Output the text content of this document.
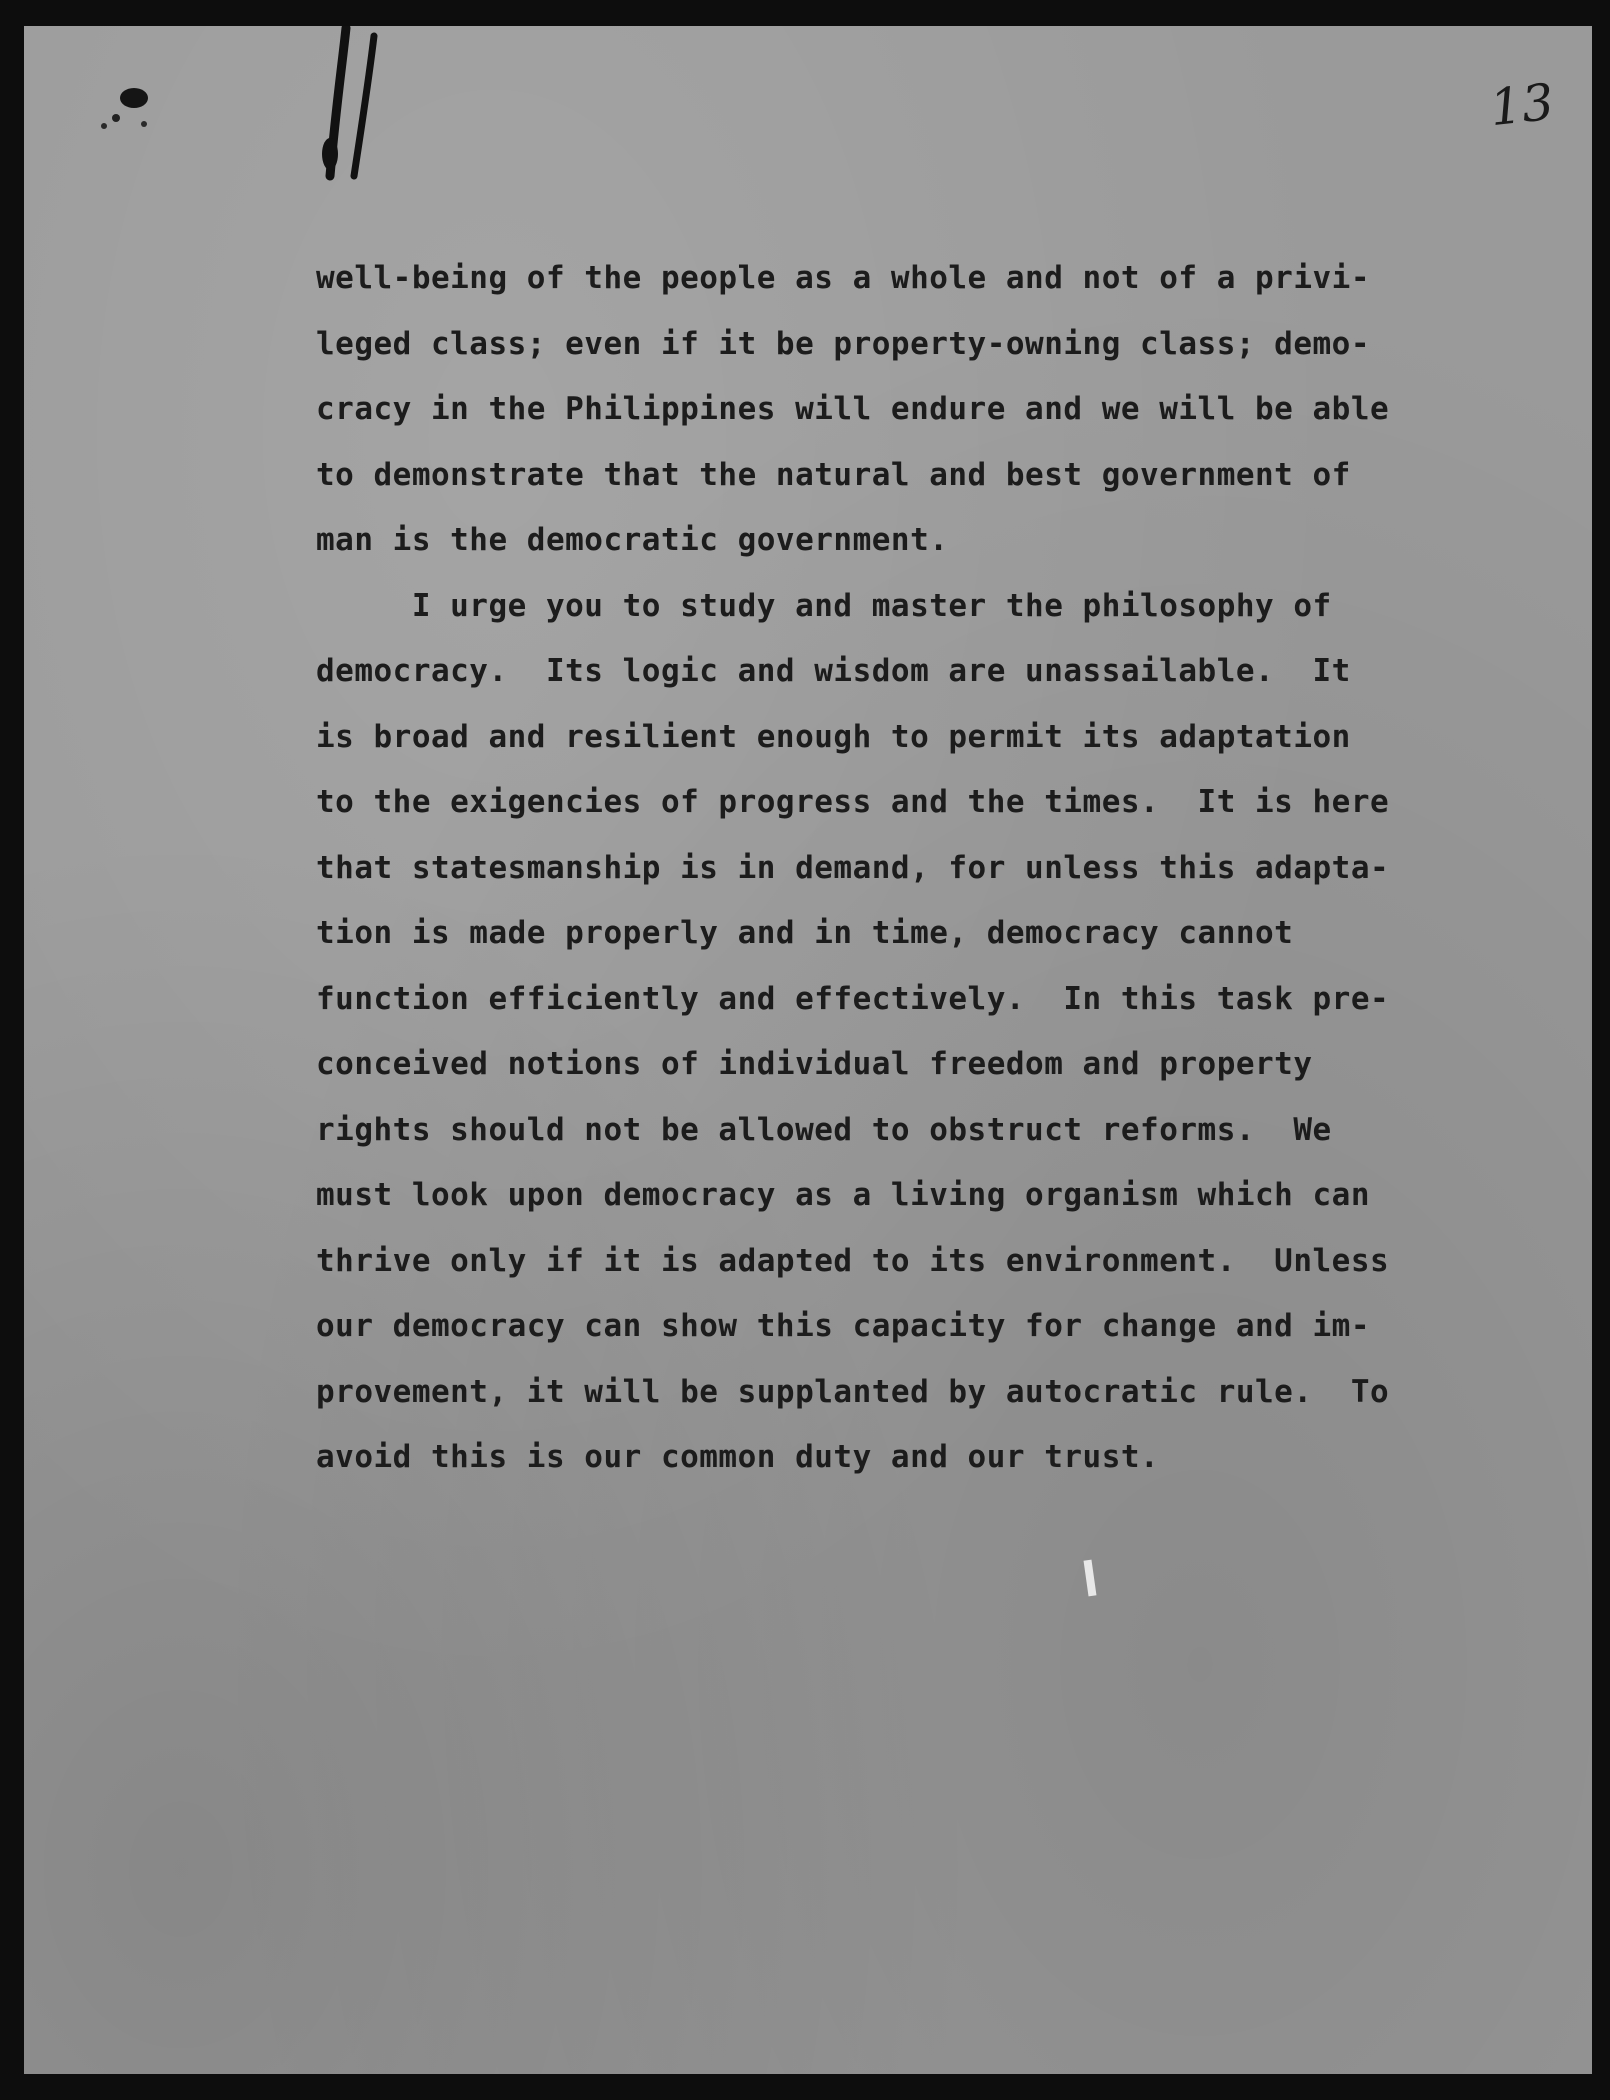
13
well-being of the people as a whole and not of a privi-
leged class; even if it be property-owning class; demo-
cracy in the Philippines will endure and we will be able
to demonstrate that the natural and best government of
man is the democratic government.
I urge you to study and master the philosophy of
democracy.  Its logic and wisdom are unassailable.  It
is broad and resilient enough to permit its adaptation
to the exigencies of progress and the times.  It is here
that statesmanship is in demand, for unless this adapta-
tion is made properly and in time, democracy cannot
function efficiently and effectively.  In this task pre-
conceived notions of individual freedom and property
rights should not be allowed to obstruct reforms.  We
must look upon democracy as a living organism which can
thrive only if it is adapted to its environment.  Unless
our democracy can show this capacity for change and im-
provement, it will be supplanted by autocratic rule.  To
avoid this is our common duty and our trust.
